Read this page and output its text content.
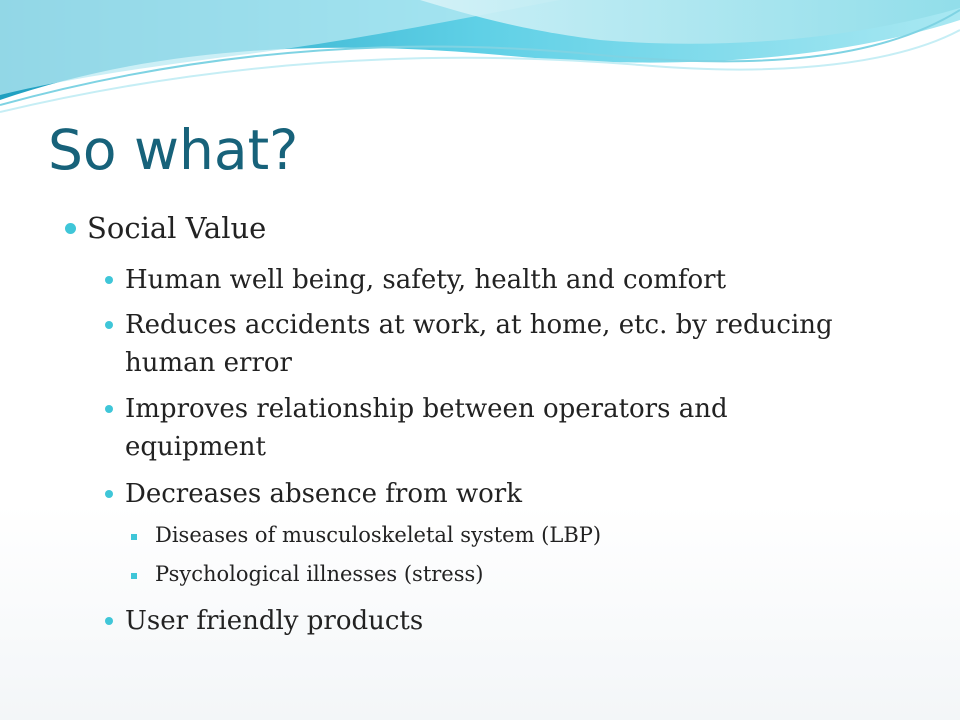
So what?
Social Value
Human well being, safety, health and comfort
Reduces accidents at work, at home, etc. by reducing
human error
Improves relationship between operators and
equipment
Decreases absence from work
Diseases of musculoskeletal system (LBP)
Psychological illnesses (stress)
User friendly products
